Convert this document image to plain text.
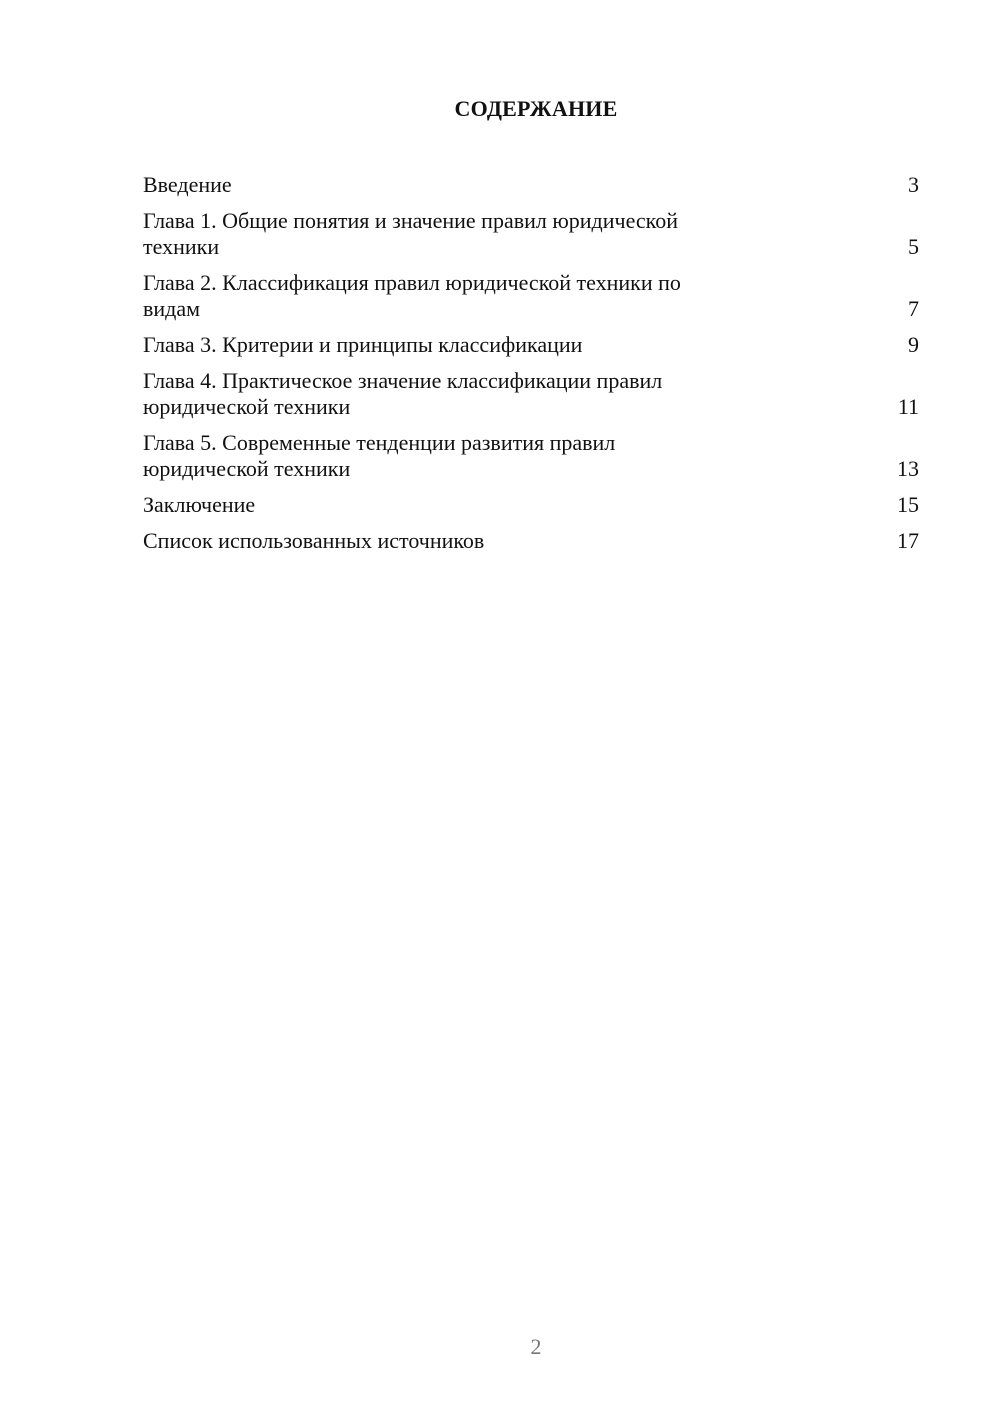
СОДЕРЖАНИЕ
Введение	3
Глава 1. Общие понятия и значение правил юридической
техники	5
Глава 2. Классификация правил юридической техники по
видам	7
Глава 3. Критерии и принципы классификации	9
Глава 4. Практическое значение классификации правил
юридической техники	11
Глава 5. Современные тенденции развития правил
юридической техники	13
Заключение	15
Список использованных источников	17
2
